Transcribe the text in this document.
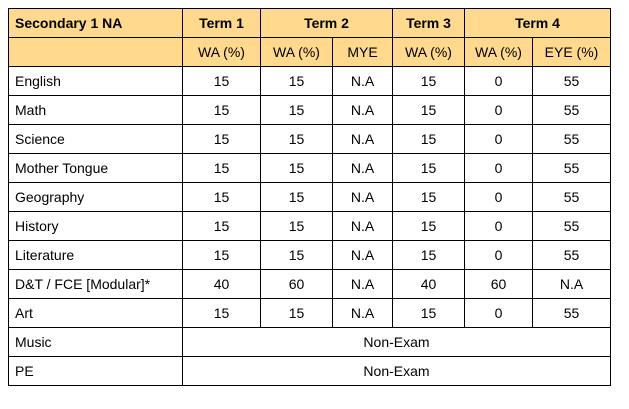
Secondary 1 NA	Term 1	Term 2		Term 3	Term 4	
	WA (%)	WA (%)	MYE	WA (%)	WA (%)	EYE (%)
English	15	15	N.A	15	0	55
Math	15	15	N.A	15	0	55
Science	15	15	N.A	15	0	55
Mother Tongue	15	15	N.A	15	0	55
Geography	15	15	N.A	15	0	55
History	15	15	N.A	15	0	55
Literature	15	15	N.A	15	0	55
D&T / FCE [Modular]*	40	60	N.A	40	60	N.A
Art	15	15	N.A	15	0	55
Music	Non-Exam					
PE	Non-Exam					
